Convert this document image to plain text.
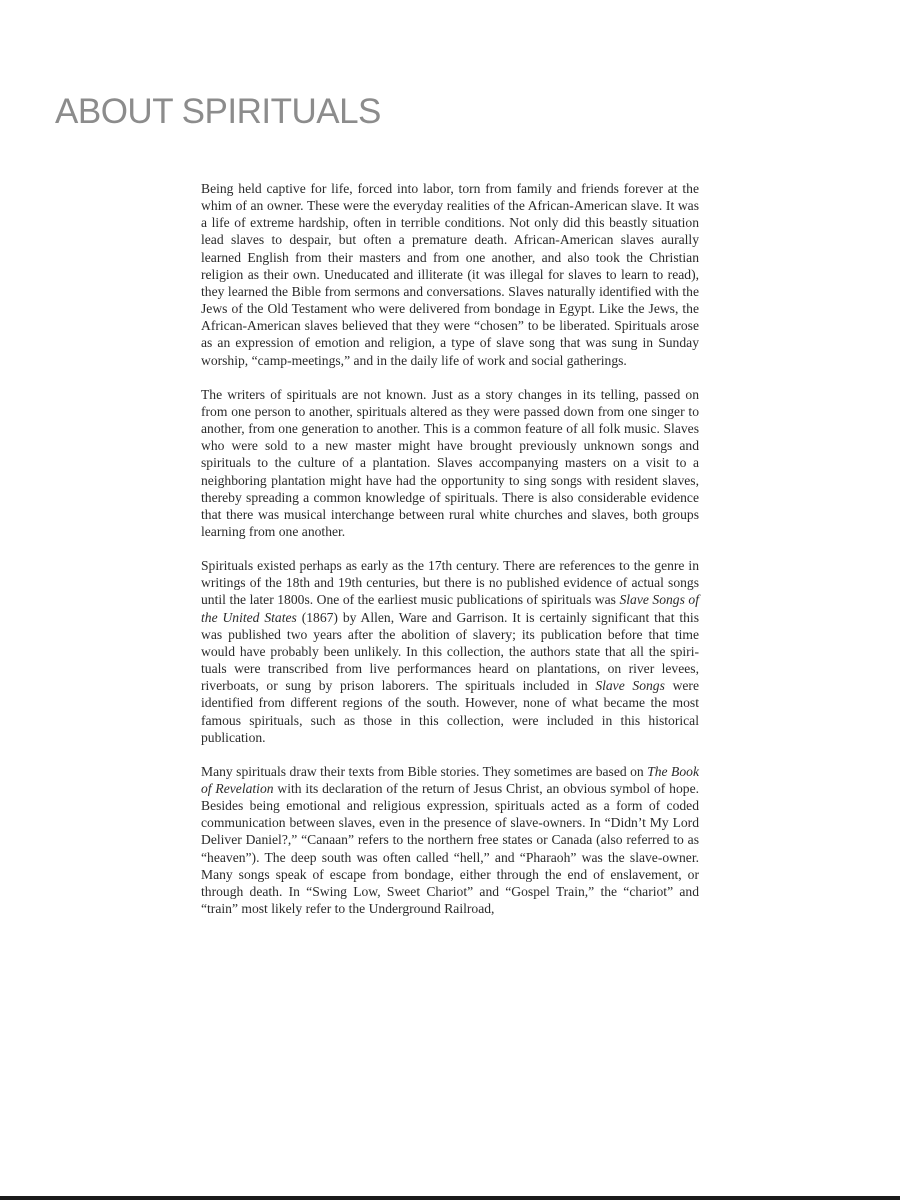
ABOUT SPIRITUALS

Being held captive for life, forced into labor, torn from family and friends forever at the whim of an owner. These were the everyday realities of the African-American slave. It was a life of extreme hardship, often in terrible conditions. Not only did this beastly situation lead slaves to despair, but often a premature death. African-American slaves aurally learned English from their masters and from one another, and also took the Christian religion as their own. Uneducated and illiterate (it was illegal for slaves to learn to read), they learned the Bible from sermons and conversations. Slaves naturally identified with the Jews of the Old Testament who were delivered from bondage in Egypt. Like the Jews, the African-American slaves believed that they were “chosen” to be liberated. Spirituals arose as an expression of emotion and religion, a type of slave song that was sung in Sunday worship, “camp-meetings,” and in the daily life of work and social gatherings.

The writers of spirituals are not known. Just as a story changes in its telling, passed on from one person to another, spirituals altered as they were passed down from one singer to another, from one generation to another. This is a common feature of all folk music. Slaves who were sold to a new master might have brought previously unknown songs and spirituals to the culture of a plantation. Slaves accompanying masters on a visit to a neighboring plantation might have had the opportunity to sing songs with resident slaves, thereby spreading a common knowledge of spirituals. There is also considerable evidence that there was musical interchange between rural white churches and slaves, both groups learning from one another.

Spirituals existed perhaps as early as the 17th century. There are references to the genre in writings of the 18th and 19th centuries, but there is no published evidence of actual songs until the later 1800s. One of the earliest music publications of spirituals was Slave Songs of the United States (1867) by Allen, Ware and Garrison. It is certainly significant that this was published two years after the abolition of slavery; its publication before that time would have probably been unlikely. In this collection, the authors state that all the spirituals were transcribed from live performances heard on plantations, on river levees, riverboats, or sung by prison laborers. The spirituals included in Slave Songs were identified from different regions of the south. However, none of what became the most famous spirituals, such as those in this collection, were included in this historical publication.

Many spirituals draw their texts from Bible stories. They sometimes are based on The Book of Revelation with its declaration of the return of Jesus Christ, an obvious symbol of hope. Besides being emotional and religious expression, spirituals acted as a form of coded communication between slaves, even in the presence of slave-owners. In “Didn’t My Lord Deliver Daniel?,” “Canaan” refers to the northern free states or Canada (also referred to as “heaven”). The deep south was often called “hell,” and “Pharaoh” was the slave-owner. Many songs speak of escape from bondage, either through the end of enslavement, or through death. In “Swing Low, Sweet Chariot” and “Gospel Train,” the “chariot” and “train” most likely refer to the Underground Railroad,
